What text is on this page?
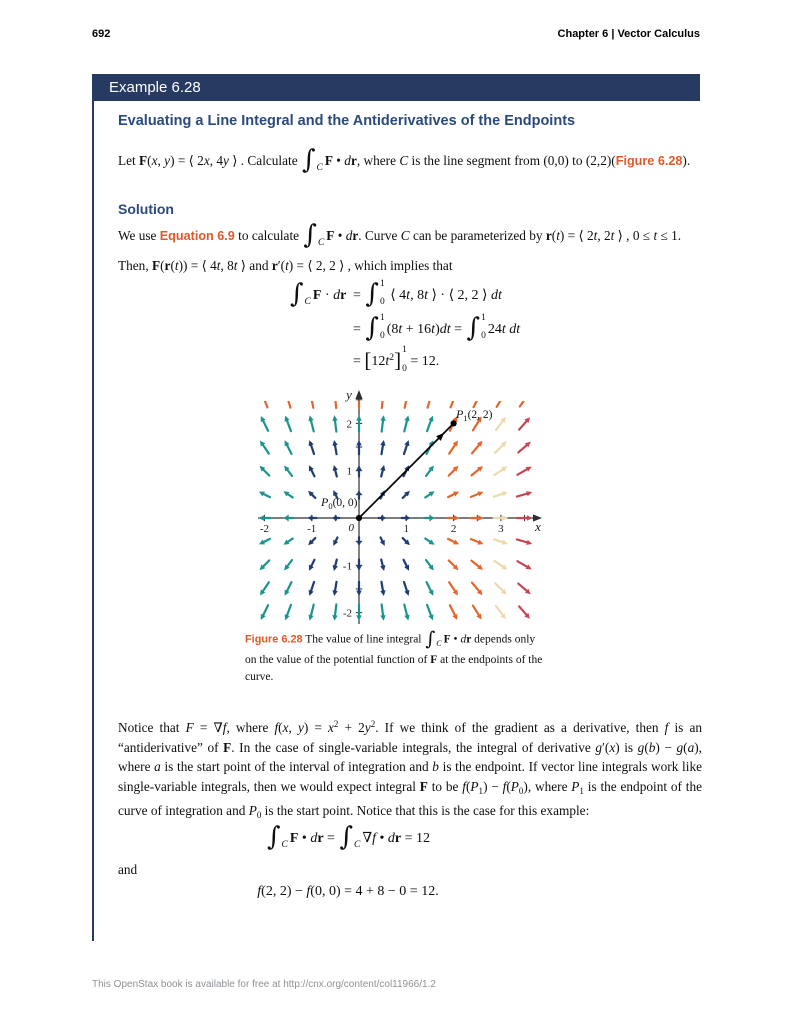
692	Chapter 6 | Vector Calculus
Example 6.28
Evaluating a Line Integral and the Antiderivatives of the Endpoints
Let F(x, y) = ⟨ 2x, 4y ⟩ . Calculate ∫ C F • dr, where C is the line segment from (0,0) to (2,2)(Figure 6.28).
Solution
We use Equation 6.9 to calculate ∫ C F • dr. Curve C can be parameterized by r(t) = ⟨ 2t, 2t ⟩ , 0 ≤ t ≤ 1.
Then, F(r(t)) = ⟨ 4t, 8t ⟩ and r′(t) = ⟨ 2, 2 ⟩ , which implies that
∫ C F · dr = ∫ 1
0 ⟨ 4t, 8t ⟩ · ⟨ 2, 2 ⟩ dt
= ∫ 1
0 (8t + 16t)dt = ∫ 1
0 24t dt
= $[12t^2]$ 1
0 = 12.
-2	-1	1	2	3
2
1
-1
-2
0	x
y
$P_0(0$, 0)
$P_1(2$, 2)
Figure 6.28 The value of line integral ∫ C F • dr depends only on the value of the potential function of F at the endpoints of the curve.
Notice that F = ∇f, where f(x, $y) = x^2 + 2y^2$. If we think of the gradient as a derivative, then f is an “antiderivative” of F. In the case of single-variable integrals, the integral of derivative g′(x) is g(b) − g(a), where a is the start point of the interval of integration and b is the endpoint. If vector line integrals work like single-variable integrals, then we would expect integral F to be $f(P_1) - f(P_0)$, where $P_1$ is the endpoint of the curve of integration and $P_0$ is the start point. Notice that this is the case for this example:
∫ C F • dr = ∫ C ∇f • dr = 12
and
f(2, 2) − f(0, 0) = 4 + 8 − 0 = 12.
This OpenStax book is available for free at http://cnx.org/content/col11966/1.2
